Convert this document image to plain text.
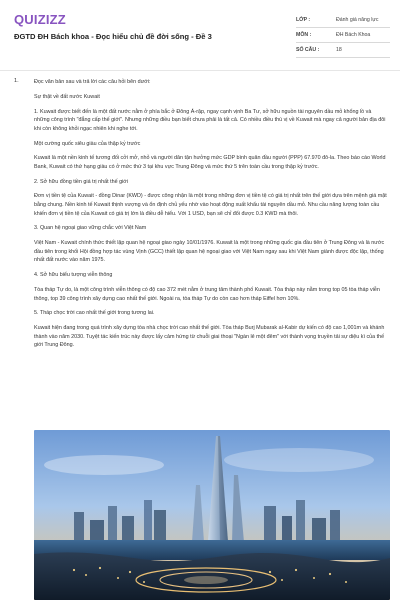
QUIZIZZ
ĐGTD ĐH Bách khoa - Đọc hiểu chủ đề đời sống - Đề 3
LỚP :	Đánh giá năng lực
MÔN :	ĐH Bách Khoa
SỐ CÂU :	18
1.	Đọc văn bản sau và trả lời các câu hỏi bên dưới:

Sự thật về đất nước Kuwait

1. Kuwait được biết đến là một đất nước nằm ở phía bắc ở Đông Á-rập, ngay cạnh vịnh Ba Tư, sở hữu nguồn tài nguyên dầu mỏ khổng lồ và những công trình "đẳng cấp thế giới". Nhưng những điều bạn biết chưa phải là tất cả. Có nhiều điều thú vị về Kuwait mà ngay cả người bản địa đôi khi còn không khỏi ngạc nhiên khi nghe tới.

Một cường quốc siêu giàu của thập kỷ trước

Kuwait là một nền kinh tế tương đối cởi mở, nhỏ và người dân tận hưởng mức GDP bình quân đầu người (PPP) 67.970 đô-la. Theo báo cáo World Bank, Kuwait có thứ hạng giàu có ở mức thứ 3 tại khu vực Trung Đông và mức thứ 5 trên toàn cầu trong thập kỷ trước.

2. Sở hữu đồng tiền giá trị nhất thế giới

Đơn vị tiền tệ của Kuwait - đồng Dinar (KWD) - được công nhận là một trong những đơn vị tiền tệ có giá trị nhất trên thế giới dựa trên mệnh giá mặt bằng chung. Nền kinh tế Kuwait thịnh vượng và ổn định chủ yếu nhờ vào hoạt động xuất khẩu tài nguyên dầu mỏ. Nhu cầu năng lượng toàn cầu khiến đơn vị tiền tệ của Kuwait có giá trị lớn là điều dễ hiểu. Với 1 USD, bạn sẽ chỉ đổi được 0.3 KWD mà thôi.

3. Quan hệ ngoại giao vững chắc với Việt Nam

Việt Nam - Kuwait chính thức thiết lập quan hệ ngoại giao ngày 10/01/1976. Kuwait là một trong những quốc gia đầu tiên ở Trung Đông và là nước đầu tiên trong khối Hội đồng hợp tác vùng Vịnh (GCC) thiết lập quan hệ ngoại giao với Việt Nam ngay sau khi Việt Nam giành được độc lập, thống nhất đất nước vào năm 1975.

4. Sở hữu biểu tượng viễn thông

Tòa tháp Tự do, là một công trình viễn thông có độ cao 372 mét nằm ở trung tâm thành phố Kuwait. Tòa tháp này nằm trong top 05 tòa tháp viễn thông, top 39 công trình xây dựng cao nhất thế giới. Ngoài ra, tòa tháp Tự do còn cao hơn tháp Eiffel hơn 10%.

5. Tháp chọc trời cao nhất thế giới trong tương lai.

Kuwait hiện đang trong quá trình xây dựng tòa nhà chọc trời cao nhất thế giới. Tòa tháp Burj Mubarak al-Kabir dự kiến có độ cao 1,001m và khánh thành vào năm 2030. Tuyệt tác kiến trúc này được lấy cảm hứng từ chuỗi giai thoại "Ngàn lẻ một đêm" với thành vọng truyền tải sự diệu kì của thế giới Trung Đông.
